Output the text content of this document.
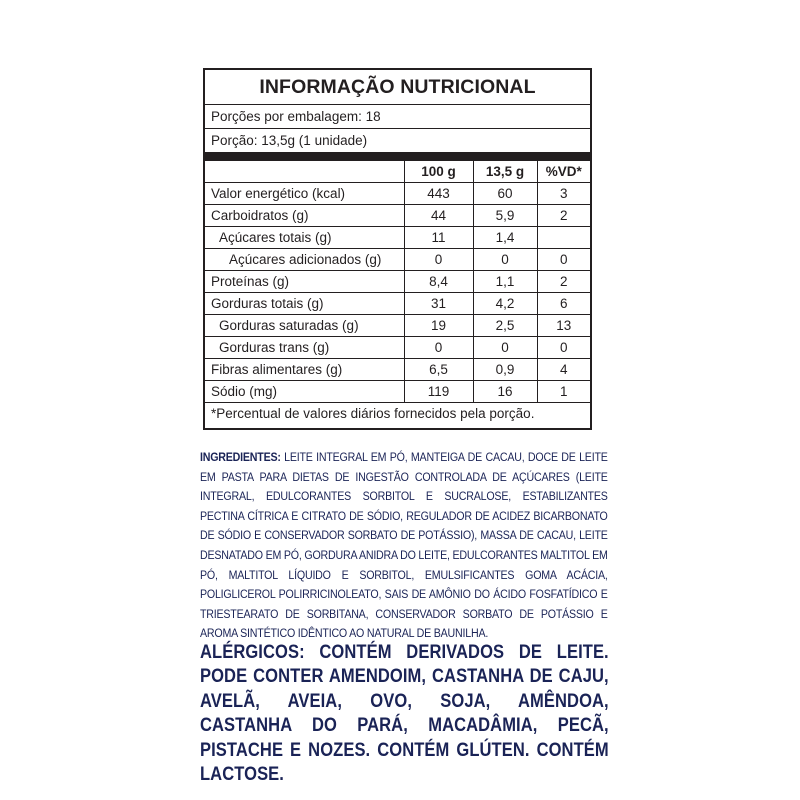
INFORMAÇÃO NUTRICIONAL
Porções por embalagem: 18
Porção: 13,5g (1 unidade)
	100 g	13,5 g	%VD*
Valor energético (kcal)	443	60	3
Carboidratos (g)	44	5,9	2
Açúcares totais (g)	11	1,4	
Açúcares adicionados (g)	0	0	0
Proteínas (g)	8,4	1,1	2
Gorduras totais (g)	31	4,2	6
Gorduras saturadas (g)	19	2,5	13
Gorduras trans (g)	0	0	0
Fibras alimentares (g)	6,5	0,9	4
Sódio (mg)	119	16	1
*Percentual de valores diários fornecidos pela porção.
INGREDIENTES: LEITE INTEGRAL EM PÓ, MANTEIGA DE CACAU, DOCE DE LEITE EM PASTA PARA DIETAS DE INGESTÃO CONTROLADA DE AÇÚCARES (LEITE INTEGRAL, EDULCORANTES SORBITOL E SUCRALOSE, ESTABILIZANTES PECTINA CÍTRICA E CITRATO DE SÓDIO, REGULADOR DE ACIDEZ BICARBONATO DE SÓDIO E CONSERVADOR SORBATO DE POTÁSSIO), MASSA DE CACAU, LEITE DESNATADO EM PÓ, GORDURA ANIDRA DO LEITE, EDULCORANTES MALTITOL EM PÓ, MALTITOL LÍQUIDO E SORBITOL, EMULSIFICANTES GOMA ACÁCIA, POLIGLICEROL POLIRRICINOLEATO, SAIS DE AMÔNIO DO ÁCIDO FOSFATÍDICO E TRIESTEARATO DE SORBITANA, CONSERVADOR SORBATO DE POTÁSSIO E AROMA SINTÉTICO IDÊNTICO AO NATURAL DE BAUNILHA.
ALÉRGICOS: CONTÉM DERIVADOS DE LEITE. PODE CONTER AMENDOIM, CASTANHA DE CAJU, AVELÃ, AVEIA, OVO, SOJA, AMÊNDOA, CASTANHA DO PARÁ, MACADÂMIA, PECÃ, PISTACHE E NOZES. CONTÉM GLÚTEN. CONTÉM LACTOSE.
